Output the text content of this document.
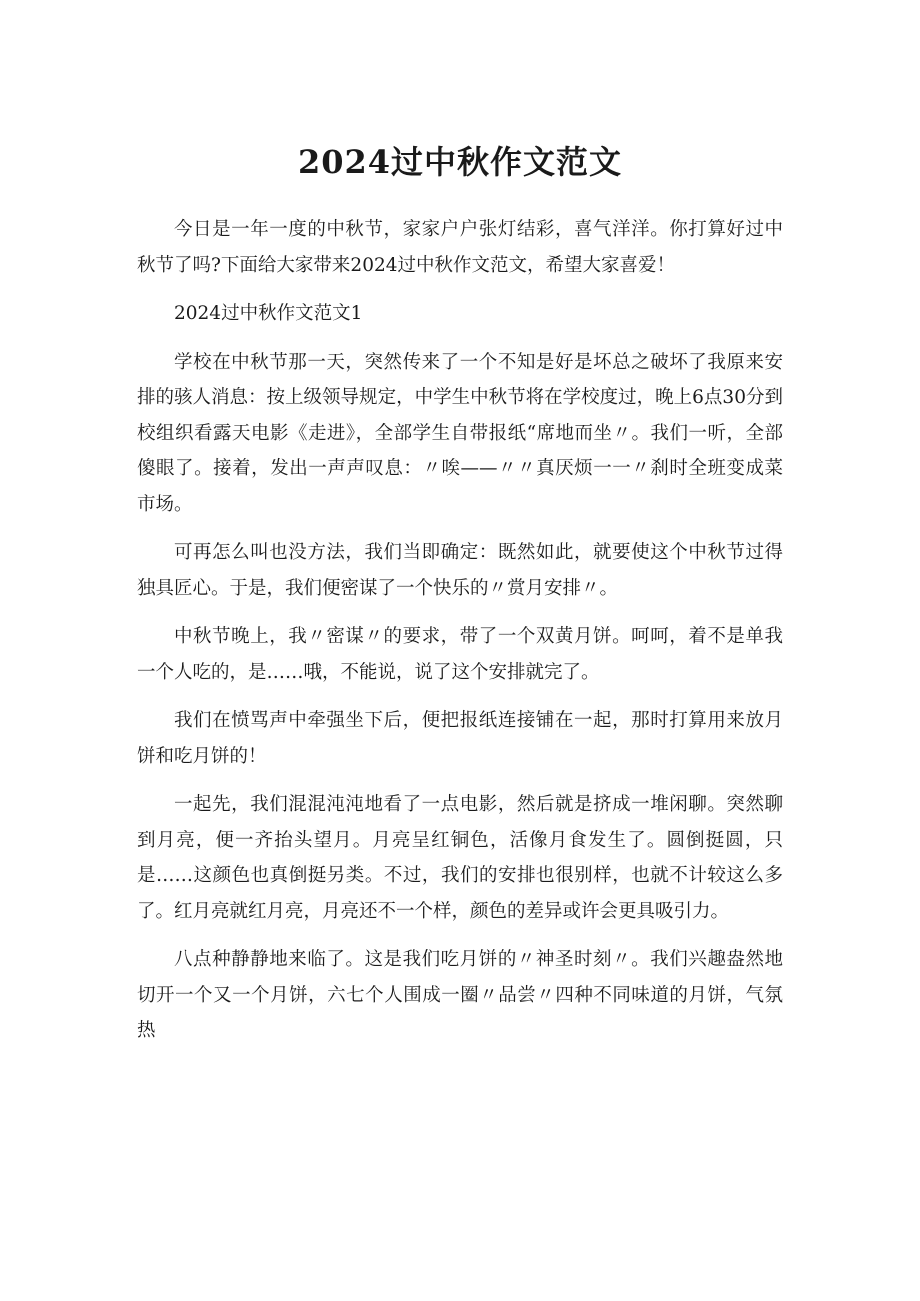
2024过中秋作文范文

今日是一年一度的中秋节，家家户户张灯结彩，喜气洋洋。你打算好过中秋节了吗?下面给大家带来2024过中秋作文范文，希望大家喜爱！

2024过中秋作文范文1

学校在中秋节那一天，突然传来了一个不知是好是坏总之破坏了我原来安排的骇人消息：按上级领导规定，中学生中秋节将在学校度过，晚上6点30分到校组织看露天电影《走进》，全部学生自带报纸“席地而坐〃。我们一听，全部傻眼了。接着，发出一声声叹息：〃唉——〃〃真厌烦一一〃刹时全班变成菜市场。

可再怎么叫也没方法，我们当即确定：既然如此，就要使这个中秋节过得独具匠心。于是，我们便密谋了一个快乐的〃赏月安排〃。

中秋节晚上，我〃密谋〃的要求，带了一个双黄月饼。呵呵，着不是单我一个人吃的，是……哦，不能说，说了这个安排就完了。

我们在愤骂声中牵强坐下后，便把报纸连接铺在一起，那时打算用来放月饼和吃月饼的！

一起先，我们混混沌沌地看了一点电影，然后就是挤成一堆闲聊。突然聊到月亮，便一齐抬头望月。月亮呈红铜色，活像月食发生了。圆倒挺圆，只是……这颜色也真倒挺另类。不过，我们的安排也很别样，也就不计较这么多了。红月亮就红月亮，月亮还不一个样，颜色的差异或许会更具吸引力。

八点种静静地来临了。这是我们吃月饼的〃神圣时刻〃。我们兴趣盎然地切开一个又一个月饼，六七个人围成一圈〃品尝〃四种不同味道的月饼，气氛热
